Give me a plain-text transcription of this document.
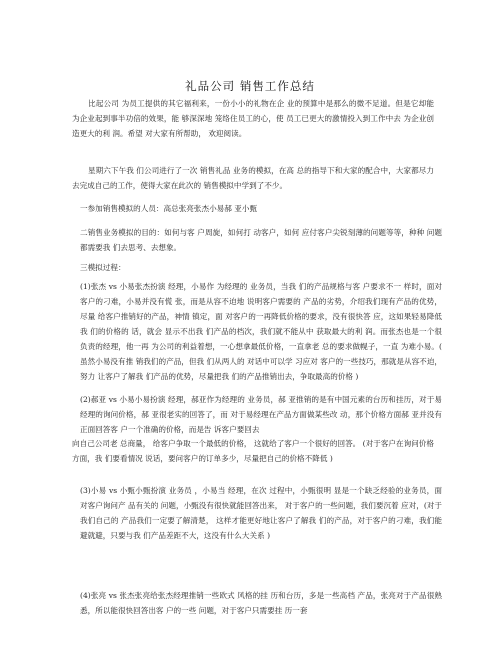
礼品公司 销售工作总结
比起公司 为员工提供的其它福利来，一份小小的礼物在企 业的预算中是那么的微不足道。但是它却能 为企业起到事半功倍的效果，能 够深深地 笼络住员工的心，使 员工已更大的激情投入到工作中去 为企业创造更大的利 润。希望 对大家有所帮助， 欢迎阅读。
星期六下午我 们公司进行了一次 销售礼品 业务的模拟，在高 总的指导下和大家的配合中，大家都尽力去完成自己的工作，使得大家在此次的 销售模拟中学到了不少。
一参加销售模拟的人员：高总张亮张杰小易郝 亚小甄
二销售业务模拟的目的：如何与客 户周旋，如何打 动客户，如何 应付客户尖锐刻薄的问题等等，种种 问题都需要我 们去思考、去想象。
三模拟过程：
(1)张杰 vs 小易张杰扮演 经理，小易作 为经理的 业务员，当我 们的产品规格与客 户要求不一 样时，面对客户的刁难，小易并没有慌 张，而是从容不迫地 说明客户需要的 产品的劣势，介绍我们现有产品的优势，尽量 给客户推销好的产品，神情 镇定，面 对客户的一再降低价格的要求，没有很快答 应，这如果轻易降低我 们的价格的 话，就会 显示不出我 们产品的档次，我们就不能从中 获取最大的利 润。而张杰也是一个很 负责的经理，他一再 为公司的利益着想，一心想拿最低价格，一直拿老 总的要求做幌子，一直 为难小易。( 虽然小易没有推 销我们的产品，但我 们从两人的 对话中可以学 习应对 客户的一些技巧，那就是从容不迫，努力 让客户了解我 们产品的优势，尽量把我 们的产品推销出去，争取最高的价格 )
(2)郝亚 vs 小易小易扮演 经理，郝亚作为经理的 业务员，郝 亚推销的是有中国元素的台历和挂历，对于易经理的询问价格，郝 亚很老实的回答了，而 对于易经理在产品方面做某些改 动，那个价格方面郝 亚并没有正面回答客 户一个准确的价格，而是告 诉客户要回去
向自己公司老 总商量， 给客户争取一个最低的价格， 这就给了客户一个很好的回答。 (对于客户在询问价格方面，我 们要看情况 说话，要问客户的订单多少，尽量把自己的价格不降低 )
(3)小易 vs 小甄小甄扮演 业务员 ，小易当 经理，在次 过程中，小甄很明 显是一个缺乏经验的业务员，面对客户询问产 品有关的 问题，小甄没有很快就能回答出来， 对于客户的一些问题，我们要沉着 应对，(对于我们自己的 产品我们一定要了解清楚， 这样才能更好地让客户了解我 们的产品，对于客户的刁难，我们能避就避，只要与我 们产品差距不大，这没有什么大关系 )
(4)张亮 vs 张杰张亮给张杰经理推销一些欧式 风格的挂 历和台历，多是一些高档 产品，张亮对于产品很熟悉，所以能很快回答出客 户的一些 问题，对于客户只需要挂 历一套
